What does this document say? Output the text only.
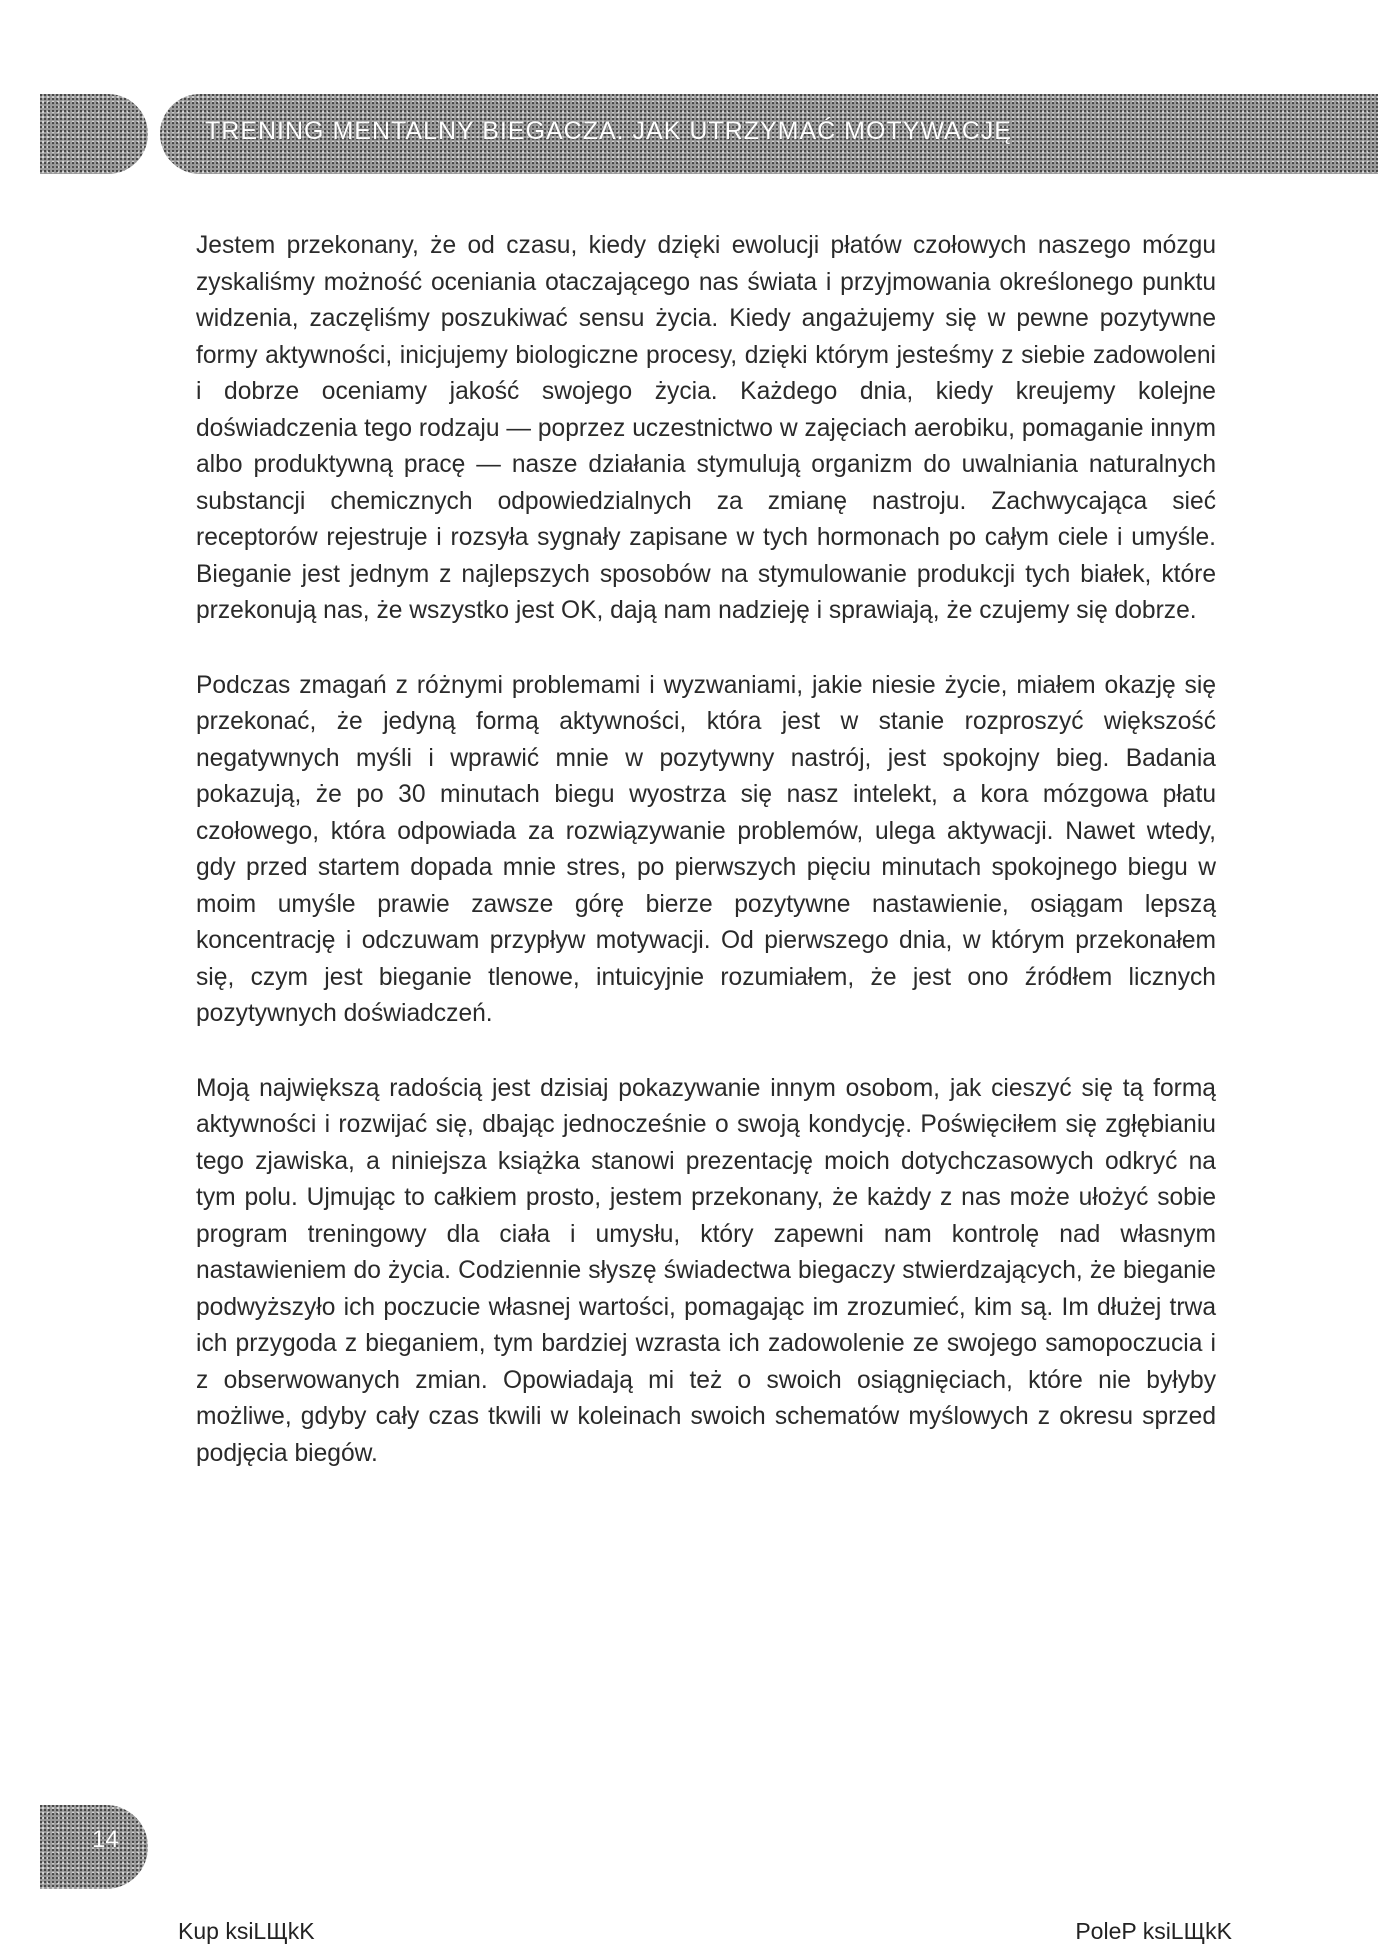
TRENING MENTALNY BIEGACZA. JAK UTRZYMAĆ MOTYWACJĘ

Jestem przekonany, że od czasu, kiedy dzięki ewolucji płatów czołowych naszego mózgu zyskaliśmy możność oceniania otaczającego nas świata i przyjmowania określonego punktu widzenia, zaczęliśmy poszukiwać sensu życia. Kiedy angażujemy się w pewne pozytywne formy aktywności, inicjujemy biologiczne procesy, dzięki którym jesteśmy z siebie zadowoleni i dobrze oceniamy jakość swojego życia. Każdego dnia, kiedy kreujemy kolejne doświadczenia tego rodzaju — poprzez uczestnictwo w zajęciach aerobiku, pomaganie innym albo produktywną pracę — nasze działania stymulują organizm do uwalniania naturalnych substancji chemicznych odpowiedzialnych za zmianę nastroju. Zachwycająca sieć receptorów rejestruje i rozsyła sygnały zapisane w tych hormonach po całym ciele i umyśle. Bieganie jest jednym z najlepszych sposobów na stymulowanie produkcji tych białek, które przekonują nas, że wszystko jest OK, dają nam nadzieję i sprawiają, że czujemy się dobrze.

Podczas zmagań z różnymi problemami i wyzwaniami, jakie niesie życie, miałem okazję się przekonać, że jedyną formą aktywności, która jest w stanie rozproszyć większość negatywnych myśli i wprawić mnie w pozytywny nastrój, jest spokojny bieg. Badania pokazują, że po 30 minutach biegu wyostrza się nasz intelekt, a kora mózgowa płatu czołowego, która odpowiada za rozwiązywanie problemów, ulega aktywacji. Nawet wtedy, gdy przed startem dopada mnie stres, po pierwszych pięciu minutach spokojnego biegu w moim umyśle prawie zawsze górę bierze pozytywne nastawienie, osiągam lepszą koncentrację i odczuwam przypływ motywacji. Od pierwszego dnia, w którym przekonałem się, czym jest bieganie tlenowe, intuicyjnie rozumiałem, że jest ono źródłem licznych pozytywnych doświadczeń.

Moją największą radością jest dzisiaj pokazywanie innym osobom, jak cieszyć się tą formą aktywności i rozwijać się, dbając jednocześnie o swoją kondycję. Poświęciłem się zgłębianiu tego zjawiska, a niniejsza książka stanowi prezentację moich dotychczasowych odkryć na tym polu. Ujmując to całkiem prosto, jestem przekonany, że każdy z nas może ułożyć sobie program treningowy dla ciała i umysłu, który zapewni nam kontrolę nad własnym nastawieniem do życia. Codziennie słyszę świadectwa biegaczy stwierdzających, że bieganie podwyższyło ich poczucie własnej wartości, pomagając im zrozumieć, kim są. Im dłużej trwa ich przygoda z bieganiem, tym bardziej wzrasta ich zadowolenie ze swojego samopoczucia i z obserwowanych zmian. Opowiadają mi też o swoich osiągnięciach, które nie byłyby możliwe, gdyby cały czas tkwili w koleinach swoich schematów myślowych z okresu sprzed podjęcia biegów.

14
Kup ksiLЩkK	PoleP ksiLЩkK
